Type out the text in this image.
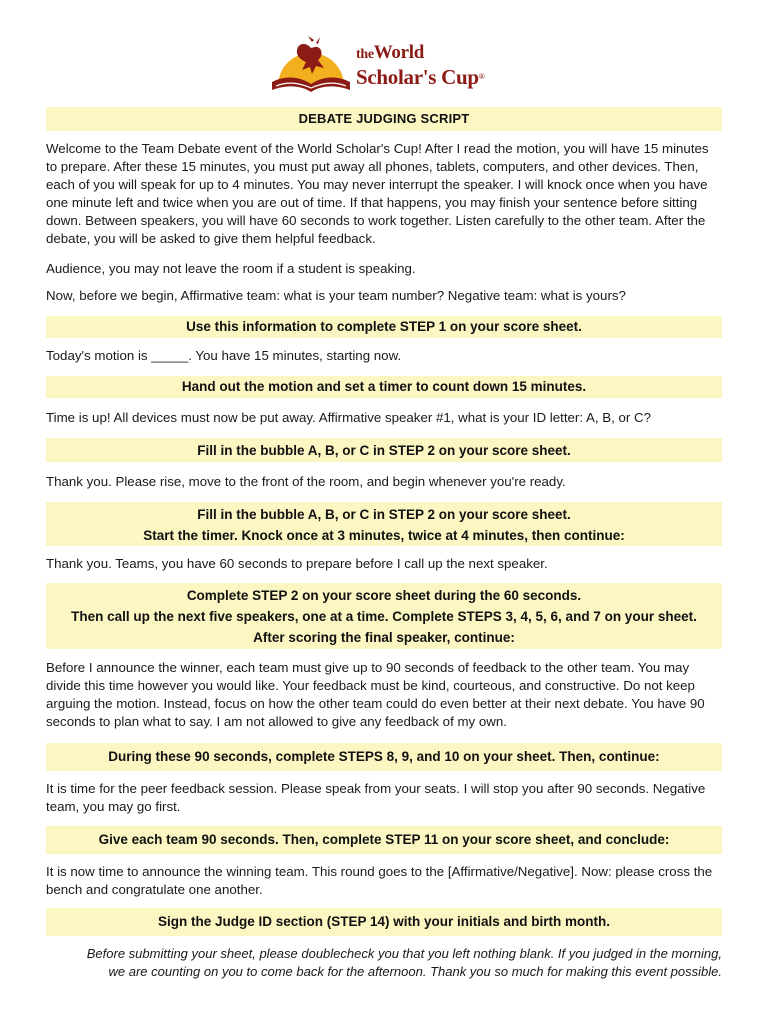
theWorld
Scholar's Cup®
DEBATE JUDGING SCRIPT

Welcome to the Team Debate event of the World Scholar's Cup! After I read the motion, you will have 15 minutes to prepare. After these 15 minutes, you must put away all phones, tablets, computers, and other devices. Then, each of you will speak for up to 4 minutes. You may never interrupt the speaker. I will knock once when you have one minute left and twice when you are out of time. If that happens, you may finish your sentence before sitting down. Between speakers, you will have 60 seconds to work together. Listen carefully to the other team. After the debate, you will be asked to give them helpful feedback.

Audience, you may not leave the room if a student is speaking.

Now, before we begin, Affirmative team: what is your team number? Negative team: what is yours?

Use this information to complete STEP 1 on your score sheet.

Today's motion is _____. You have 15 minutes, starting now.

Hand out the motion and set a timer to count down 15 minutes.

Time is up! All devices must now be put away. Affirmative speaker #1, what is your ID letter: A, B, or C?

Fill in the bubble A, B, or C in STEP 2 on your score sheet.

Thank you. Please rise, move to the front of the room, and begin whenever you're ready.

Fill in the bubble A, B, or C in STEP 2 on your score sheet.
Start the timer. Knock once at 3 minutes, twice at 4 minutes, then continue:

Thank you. Teams, you have 60 seconds to prepare before I call up the next speaker.

Complete STEP 2 on your score sheet during the 60 seconds.
Then call up the next five speakers, one at a time. Complete STEPS 3, 4, 5, 6, and 7 on your sheet.
After scoring the final speaker, continue:

Before I announce the winner, each team must give up to 90 seconds of feedback to the other team. You may divide this time however you would like. Your feedback must be kind, courteous, and constructive. Do not keep arguing the motion. Instead, focus on how the other team could do even better at their next debate. You have 90 seconds to plan what to say. I am not allowed to give any feedback of my own.

During these 90 seconds, complete STEPS 8, 9, and 10 on your sheet. Then, continue:

It is time for the peer feedback session. Please speak from your seats. I will stop you after 90 seconds. Negative team, you may go first.

Give each team 90 seconds. Then, complete STEP 11 on your score sheet, and conclude:

It is now time to announce the winning team. This round goes to the [Affirmative/Negative]. Now: please cross the bench and congratulate one another.

Sign the Judge ID section (STEP 14) with your initials and birth month.
Before submitting your sheet, please doublecheck you that you left nothing blank. If you judged in the morning,
we are counting on you to come back for the afternoon. Thank you so much for making this event possible.
